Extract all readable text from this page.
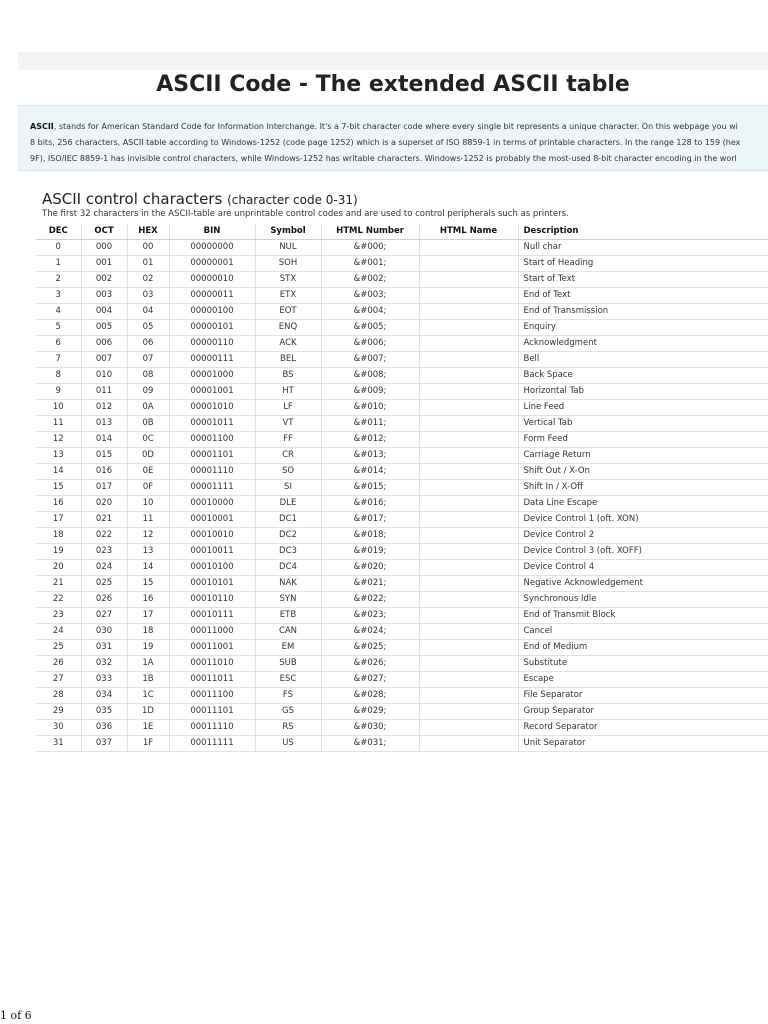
ASCII Code - The extended ASCII table

ASCII, stands for American Standard Code for Information Interchange. It's a 7-bit character code where every single bit represents a unique character. On this webpage you wi
8 bits, 256 characters, ASCII table according to Windows-1252 (code page 1252) which is a superset of ISO 8859-1 in terms of printable characters. In the range 128 to 159 (hex
9F), ISO/IEC 8859-1 has invisible control characters, while Windows-1252 has writable characters. Windows-1252 is probably the most-used 8-bit character encoding in the worl

ASCII control characters (character code 0-31)
The first 32 characters in the ASCII-table are unprintable control codes and are used to control peripherals such as printers.
DEC	OCT	HEX	BIN	Symbol	HTML Number	HTML Name	Description
0	000	00	00000000	NUL	&#000;		Null char
1	001	01	00000001	SOH	&#001;		Start of Heading
2	002	02	00000010	STX	&#002;		Start of Text
3	003	03	00000011	ETX	&#003;		End of Text
4	004	04	00000100	EOT	&#004;		End of Transmission
5	005	05	00000101	ENQ	&#005;		Enquiry
6	006	06	00000110	ACK	&#006;		Acknowledgment
7	007	07	00000111	BEL	&#007;		Bell
8	010	08	00001000	BS	&#008;		Back Space
9	011	09	00001001	HT	&#009;		Horizontal Tab
10	012	0A	00001010	LF	&#010;		Line Feed
11	013	0B	00001011	VT	&#011;		Vertical Tab
12	014	0C	00001100	FF	&#012;		Form Feed
13	015	0D	00001101	CR	&#013;		Carriage Return
14	016	0E	00001110	SO	&#014;		Shift Out / X-On
15	017	0F	00001111	SI	&#015;		Shift In / X-Off
16	020	10	00010000	DLE	&#016;		Data Line Escape
17	021	11	00010001	DC1	&#017;		Device Control 1 (oft. XON)
18	022	12	00010010	DC2	&#018;		Device Control 2
19	023	13	00010011	DC3	&#019;		Device Control 3 (oft. XOFF)
20	024	14	00010100	DC4	&#020;		Device Control 4
21	025	15	00010101	NAK	&#021;		Negative Acknowledgement
22	026	16	00010110	SYN	&#022;		Synchronous Idle
23	027	17	00010111	ETB	&#023;		End of Transmit Block
24	030	18	00011000	CAN	&#024;		Cancel
25	031	19	00011001	EM	&#025;		End of Medium
26	032	1A	00011010	SUB	&#026;		Substitute
27	033	1B	00011011	ESC	&#027;		Escape
28	034	1C	00011100	FS	&#028;		File Separator
29	035	1D	00011101	GS	&#029;		Group Separator
30	036	1E	00011110	RS	&#030;		Record Separator
31	037	1F	00011111	US	&#031;		Unit Separator
1 of 6
